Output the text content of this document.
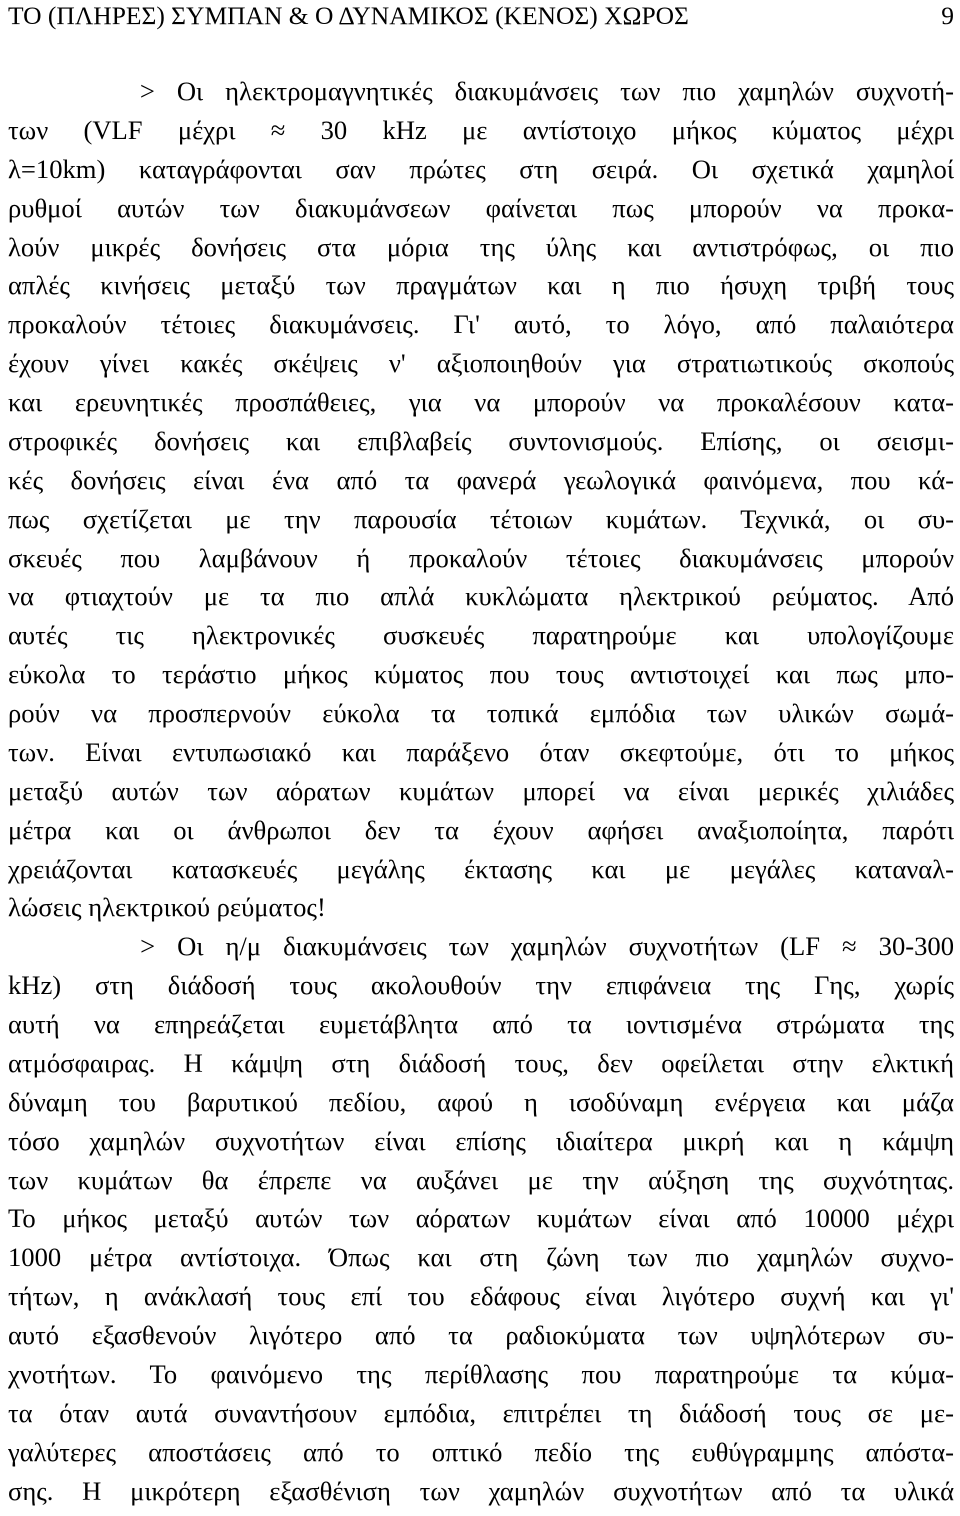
ΤΟ (ΠΛΗΡΕΣ) ΣΥΜΠΑΝ & Ο ΔΥΝΑΜΙΚΟΣ (ΚΕΝΟΣ) ΧΩΡΟΣ	9
> Οι ηλεκτρομαγνητικές διακυμάνσεις των πιο χαμηλών συχνοτή-
των (VLF μέχρι ≈ 30 kHz με αντίστοιχο μήκος κύματος μέχρι
λ=10km) καταγράφονται σαν πρώτες στη σειρά. Οι σχετικά χαμηλοί
ρυθμοί αυτών των διακυμάνσεων φαίνεται πως μπορούν να προκα-
λούν μικρές δονήσεις στα μόρια της ύλης και αντιστρόφως, οι πιο
απλές κινήσεις μεταξύ των πραγμάτων και η πιο ήσυχη τριβή τους
προκαλούν τέτοιες διακυμάνσεις. Γι' αυτό, το λόγο, από παλαιότερα
έχουν γίνει κακές σκέψεις ν' αξιοποιηθούν για στρατιωτικούς σκοπούς
και ερευνητικές προσπάθειες, για να μπορούν να προκαλέσουν κατα-
στροφικές δονήσεις και επιβλαβείς συντονισμούς. Επίσης, οι σεισμι-
κές δονήσεις είναι ένα από τα φανερά γεωλογικά φαινόμενα, που κά-
πως σχετίζεται με την παρουσία τέτοιων κυμάτων. Τεχνικά, οι συ-
σκευές που λαμβάνουν ή προκαλούν τέτοιες διακυμάνσεις μπορούν
να φτιαχτούν με τα πιο απλά κυκλώματα ηλεκτρικού ρεύματος. Από
αυτές τις ηλεκτρονικές συσκευές παρατηρούμε και υπολογίζουμε
εύκολα το τεράστιο μήκος κύματος που τους αντιστοιχεί και πως μπο-
ρούν να προσπερνούν εύκολα τα τοπικά εμπόδια των υλικών σωμά-
των. Είναι εντυπωσιακό και παράξενο όταν σκεφτούμε, ότι το μήκος
μεταξύ αυτών των αόρατων κυμάτων μπορεί να είναι μερικές χιλιάδες
μέτρα και οι άνθρωποι δεν τα έχουν αφήσει αναξιοποίητα, παρότι
χρειάζονται κατασκευές μεγάλης έκτασης και με μεγάλες καταναλ-
λώσεις ηλεκτρικού ρεύματος!
> Οι η/μ διακυμάνσεις των χαμηλών συχνοτήτων (LF ≈ 30-300
kHz) στη διάδοσή τους ακολουθούν την επιφάνεια της Γης, χωρίς
αυτή να επηρεάζεται ευμετάβλητα από τα ιοντισμένα στρώματα της
ατμόσφαιρας. Η κάμψη στη διάδοσή τους, δεν οφείλεται στην ελκτική
δύναμη του βαρυτικού πεδίου, αφού η ισοδύναμη ενέργεια και μάζα
τόσο χαμηλών συχνοτήτων είναι επίσης ιδιαίτερα μικρή και η κάμψη
των κυμάτων θα έπρεπε να αυξάνει με την αύξηση της συχνότητας.
Το μήκος μεταξύ αυτών των αόρατων κυμάτων είναι από 10000 μέχρι
1000 μέτρα αντίστοιχα. Όπως και στη ζώνη των πιο χαμηλών συχνο-
τήτων, η ανάκλασή τους επί του εδάφους είναι λιγότερο συχνή και γι'
αυτό εξασθενούν λιγότερο από τα ραδιοκύματα των υψηλότερων συ-
χνοτήτων. Το φαινόμενο της περίθλασης που παρατηρούμε τα κύμα-
τα όταν αυτά συναντήσουν εμπόδια, επιτρέπει τη διάδοσή τους σε με-
γαλύτερες αποστάσεις από το οπτικό πεδίο της ευθύγραμμης απόστα-
σης. Η μικρότερη εξασθένιση των χαμηλών συχνοτήτων από τα υλικά
